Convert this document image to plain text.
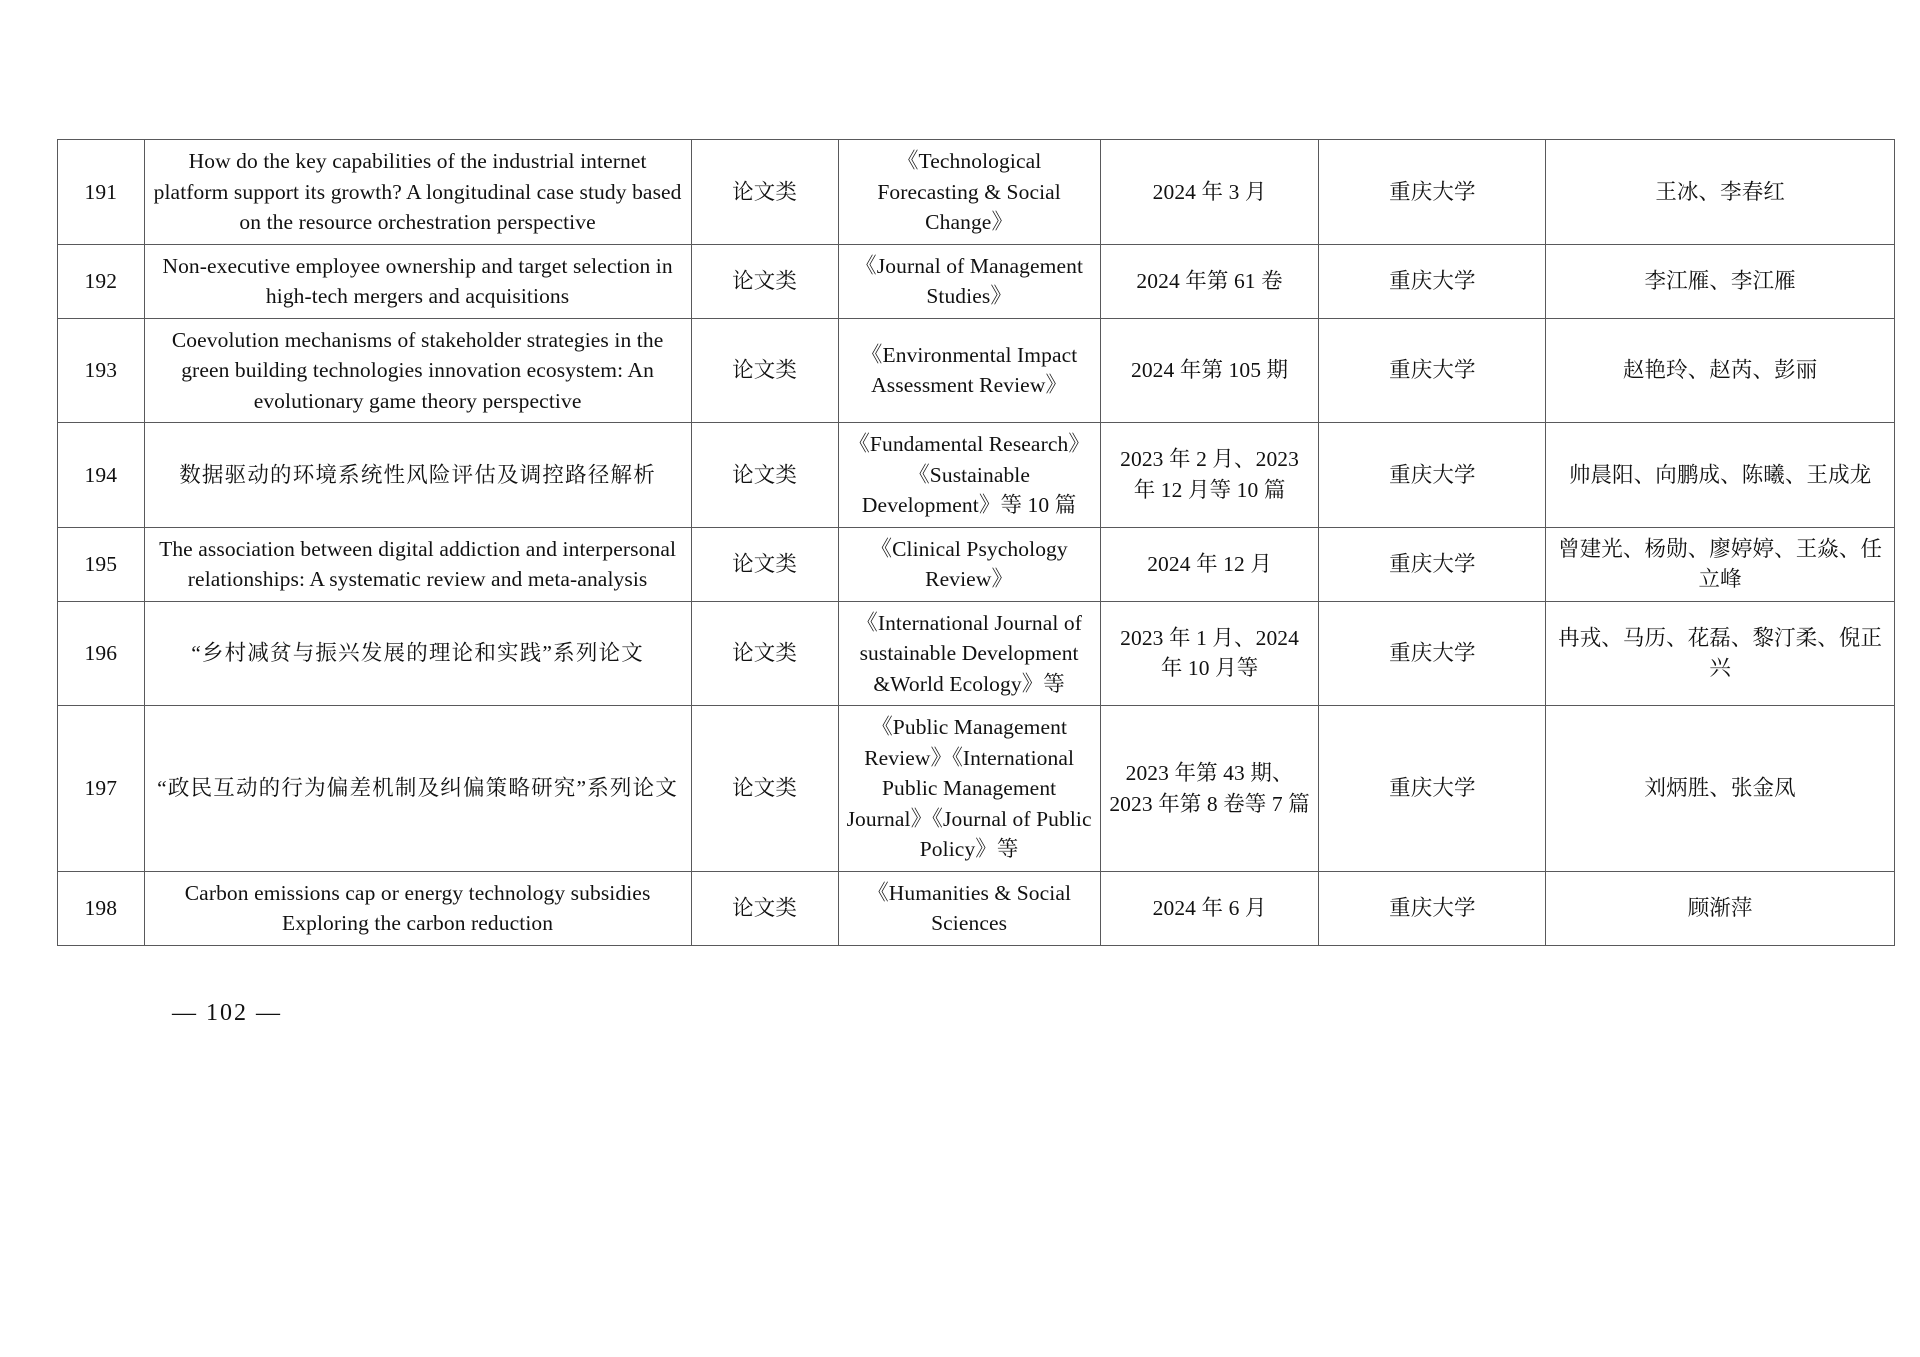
191	How do the key capabilities of the industrial internet platform support its growth? A longitudinal case study based on the resource orchestration perspective	论文类	《Technological Forecasting & Social Change》	2024 年 3 月	重庆大学	王冰、李春红
192	Non-executive employee ownership and target selection in high-tech mergers and acquisitions	论文类	《Journal of Management Studies》	2024 年第 61 卷	重庆大学	李江雁、李江雁
193	Coevolution mechanisms of stakeholder strategies in the green building technologies innovation ecosystem: An evolutionary game theory perspective	论文类	《Environmental Impact Assessment Review》	2024 年第 105 期	重庆大学	赵艳玲、赵芮、彭丽
194	数据驱动的环境系统性风险评估及调控路径解析	论文类	《Fundamental Research》《Sustainable Development》等 10 篇	2023 年 2 月、2023 年 12 月等 10 篇	重庆大学	帅晨阳、向鹏成、陈曦、王成龙
195	The association between digital addiction and interpersonal relationships: A systematic review and meta-analysis	论文类	《Clinical Psychology Review》	2024 年 12 月	重庆大学	曾建光、杨勋、廖婷婷、王焱、任立峰
196	“乡村减贫与振兴发展的理论和实践”系列论文	论文类	《International Journal of sustainable Development &World Ecology》等	2023 年 1 月、2024 年 10 月等	重庆大学	冉戎、马历、花磊、黎汀柔、倪正兴
197	“政民互动的行为偏差机制及纠偏策略研究”系列论文	论文类	《Public Management Review》《International Public Management Journal》《Journal of Public Policy》等	2023 年第 43 期、2023 年第 8 卷等 7 篇	重庆大学	刘炳胜、张金凤
198	Carbon emissions cap or energy technology subsidies Exploring the carbon reduction	论文类	《Humanities & Social Sciences	2024 年 6 月	重庆大学	顾渐萍
— 102 —
